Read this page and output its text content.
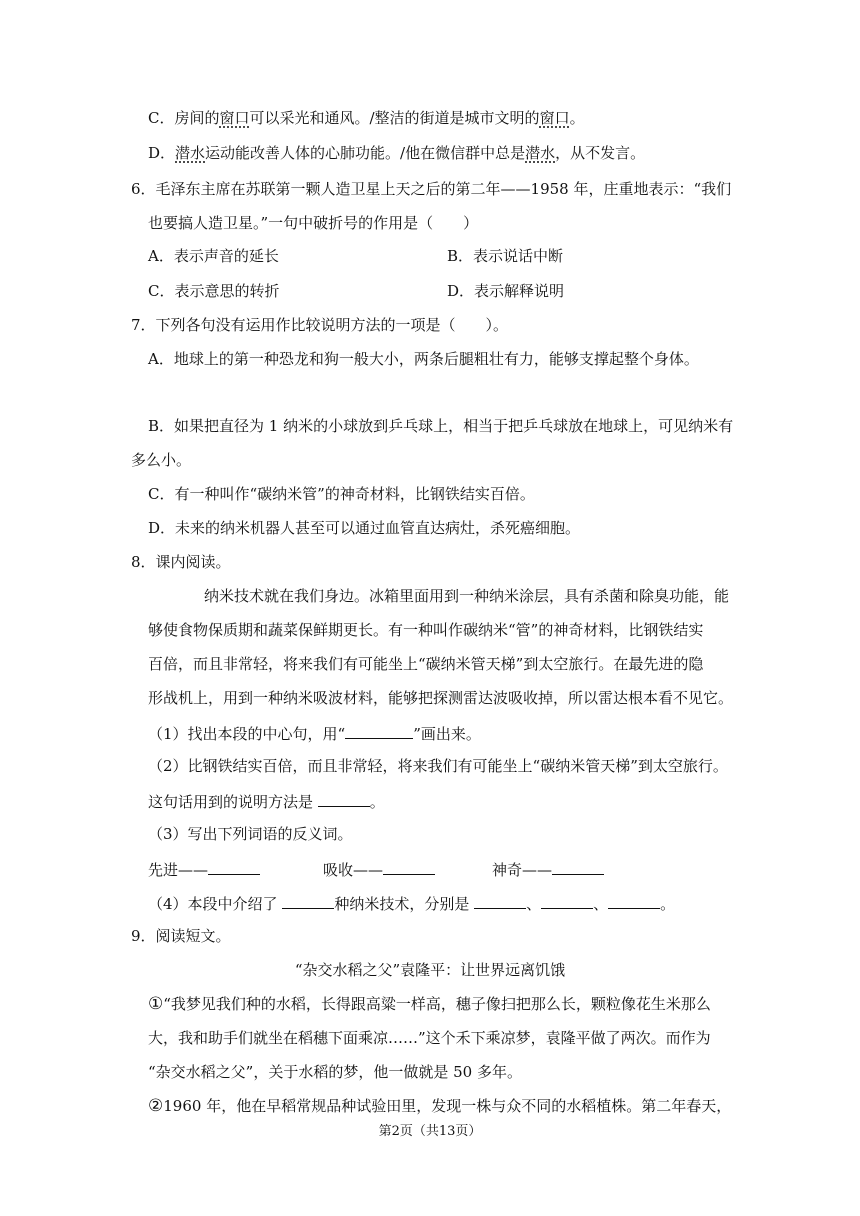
C．房间的窗口可以采光和通风。/整洁的街道是城市文明的窗口。
D．潜水运动能改善人体的心肺功能。/他在微信群中总是潜水，从不发言。
6．毛泽东主席在苏联第一颗人造卫星上天之后的第二年——1958 年，庄重地表示：“我们
也要搞人造卫星。”一句中破折号的作用是（　　）
A．表示声音的延长	B．表示说话中断
C．表示意思的转折	D．表示解释说明
7．下列各句没有运用作比较说明方法的一项是（　　）。
A．地球上的第一种恐龙和狗一般大小，两条后腿粗壮有力，能够支撑起整个身体。
B．如果把直径为 1 纳米的小球放到乒乓球上，相当于把乒乓球放在地球上，可见纳米有
多么小。
C．有一种叫作“碳纳米管”的神奇材料，比钢铁结实百倍。
D．未来的纳米机器人甚至可以通过血管直达病灶，杀死癌细胞。
8．课内阅读。
纳米技术就在我们身边。冰箱里面用到一种纳米涂层，具有杀菌和除臭功能，能
够使食物保质期和蔬菜保鲜期更长。有一种叫作碳纳米“管”的神奇材料，比钢铁结实
百倍，而且非常轻，将来我们有可能坐上“碳纳米管天梯”到太空旅行。在最先进的隐
形战机上，用到一种纳米吸波材料，能够把探测雷达波吸收掉，所以雷达根本看不见它。
（1）找出本段的中心句，用“	”画出来。
（2）比钢铁结实百倍，而且非常轻，将来我们有可能坐上“碳纳米管天梯”到太空旅行。
这句话用到的说明方法是	。
（3）写出下列词语的反义词。
先进——	吸收——	神奇——
（4）本段中介绍了	种纳米技术，分别是	、	、	。
9．阅读短文。
“杂交水稻之父”袁隆平：让世界远离饥饿
①“我梦见我们种的水稻，长得跟高粱一样高，穗子像扫把那么长，颗粒像花生米那么
大，我和助手们就坐在稻穗下面乘凉……”这个禾下乘凉梦，袁隆平做了两次。而作为
“杂交水稻之父”，关于水稻的梦，他一做就是 50 多年。
②1960 年，他在早稻常规品种试验田里，发现一株与众不同的水稻植株。第二年春天，
第2页（共13页）
